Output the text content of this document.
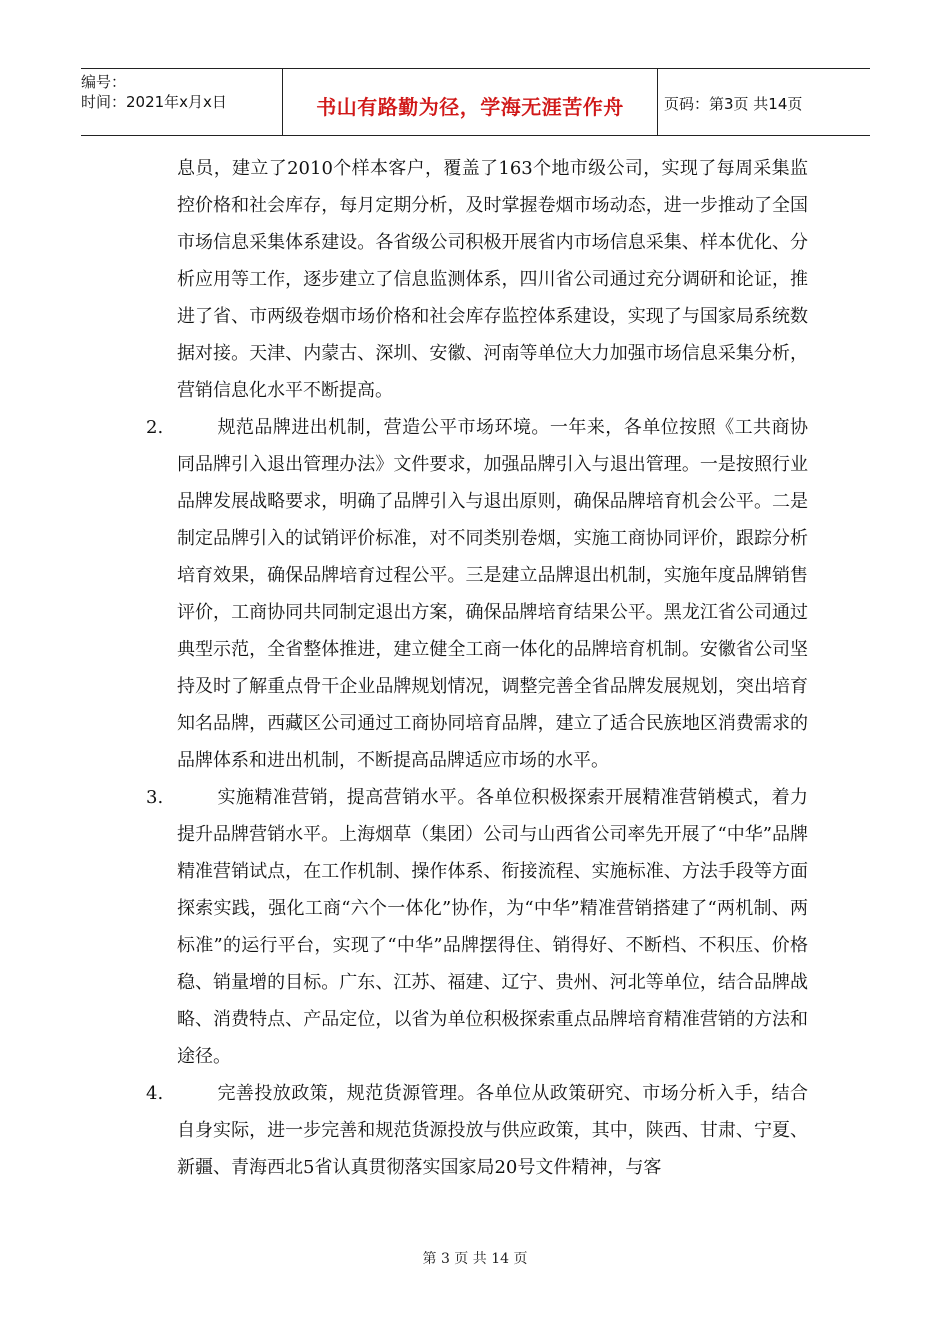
编号：
时间：2021年x月x日	书山有路勤为径，学海无涯苦作舟	页码：第3页 共14页
息员，建立了2010个样本客户，覆盖了163个地市级公司，实现了每周采集监控价格和社会库存，每月定期分析，及时掌握卷烟市场动态，进一步推动了全国市场信息采集体系建设。各省级公司积极开展省内市场信息采集、样本优化、分析应用等工作，逐步建立了信息监测体系，四川省公司通过充分调研和论证，推进了省、市两级卷烟市场价格和社会库存监控体系建设，实现了与国家局系统数据对接。天津、内蒙古、深圳、安徽、河南等单位大力加强市场信息采集分析，营销信息化水平不断提高。
2.	规范品牌进出机制，营造公平市场环境。一年来，各单位按照《工共商协同品牌引入退出管理办法》文件要求，加强品牌引入与退出管理。一是按照行业品牌发展战略要求，明确了品牌引入与退出原则，确保品牌培育机会公平。二是制定品牌引入的试销评价标准，对不同类别卷烟，实施工商协同评价，跟踪分析培育效果，确保品牌培育过程公平。三是建立品牌退出机制，实施年度品牌销售评价，工商协同共同制定退出方案，确保品牌培育结果公平。黑龙江省公司通过典型示范，全省整体推进，建立健全工商一体化的品牌培育机制。安徽省公司坚持及时了解重点骨干企业品牌规划情况，调整完善全省品牌发展规划，突出培育知名品牌，西藏区公司通过工商协同培育品牌，建立了适合民族地区消费需求的品牌体系和进出机制，不断提高品牌适应市场的水平。
3.	实施精准营销，提高营销水平。各单位积极探索开展精准营销模式，着力提升品牌营销水平。上海烟草（集团）公司与山西省公司率先开展了“中华”品牌精准营销试点，在工作机制、操作体系、衔接流程、实施标准、方法手段等方面探索实践，强化工商“六个一体化”协作，为“中华”精准营销搭建了“两机制、两标准”的运行平台，实现了“中华”品牌摆得住、销得好、不断档、不积压、价格稳、销量增的目标。广东、江苏、福建、辽宁、贵州、河北等单位，结合品牌战略、消费特点、产品定位，以省为单位积极探索重点品牌培育精准营销的方法和途径。
4.	完善投放政策，规范货源管理。各单位从政策研究、市场分析入手，结合自身实际，进一步完善和规范货源投放与供应政策，其中，陕西、甘肃、宁夏、新疆、青海西北5省认真贯彻落实国家局20号文件精神，与客
第 3 页 共 14 页
